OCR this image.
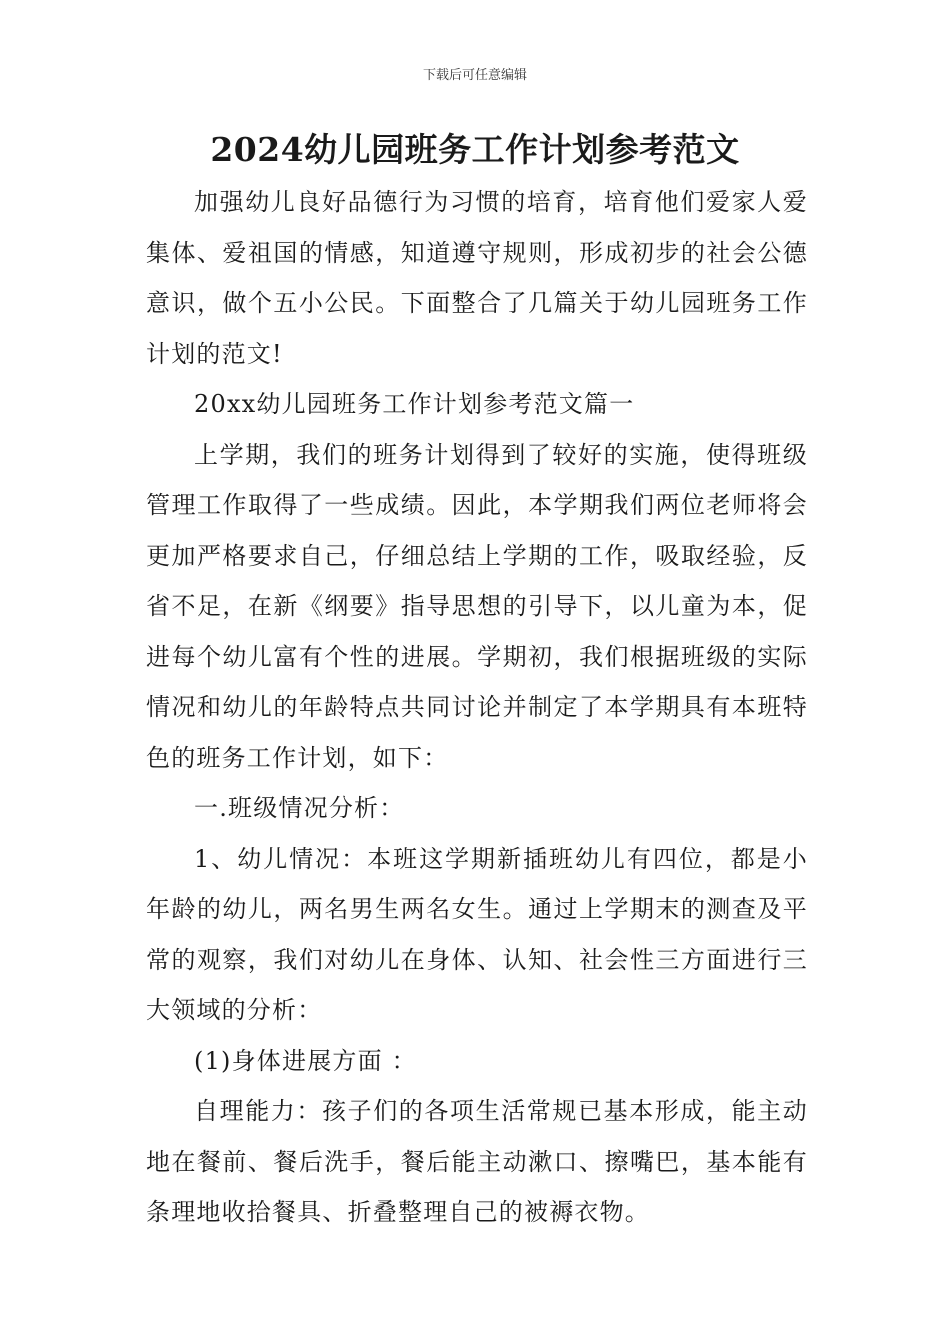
下载后可任意编辑
2024幼儿园班务工作计划参考范文

加强幼儿良好品德行为习惯的培育，培育他们爱家人爱集体、爱祖国的情感，知道遵守规则，形成初步的社会公德意识，做个五小公民。下面整合了几篇关于幼儿园班务工作计划的范文!

20xx幼儿园班务工作计划参考范文篇一

上学期，我们的班务计划得到了较好的实施，使得班级管理工作取得了一些成绩。因此，本学期我们两位老师将会更加严格要求自己，仔细总结上学期的工作，吸取经验，反省不足，在新《纲要》指导思想的引导下，以儿童为本，促进每个幼儿富有个性的进展。学期初，我们根据班级的实际情况和幼儿的年龄特点共同讨论并制定了本学期具有本班特色的班务工作计划，如下：

一.班级情况分析：

1、幼儿情况：本班这学期新插班幼儿有四位，都是小年龄的幼儿，两名男生两名女生。通过上学期末的测查及平常的观察，我们对幼儿在身体、认知、社会性三方面进行三大领域的分析：

(1)身体进展方面 ：

自理能力：孩子们的各项生活常规已基本形成，能主动地在餐前、餐后洗手，餐后能主动漱口、擦嘴巴，基本能有条理地收拾餐具、折叠整理自己的被褥衣物。
